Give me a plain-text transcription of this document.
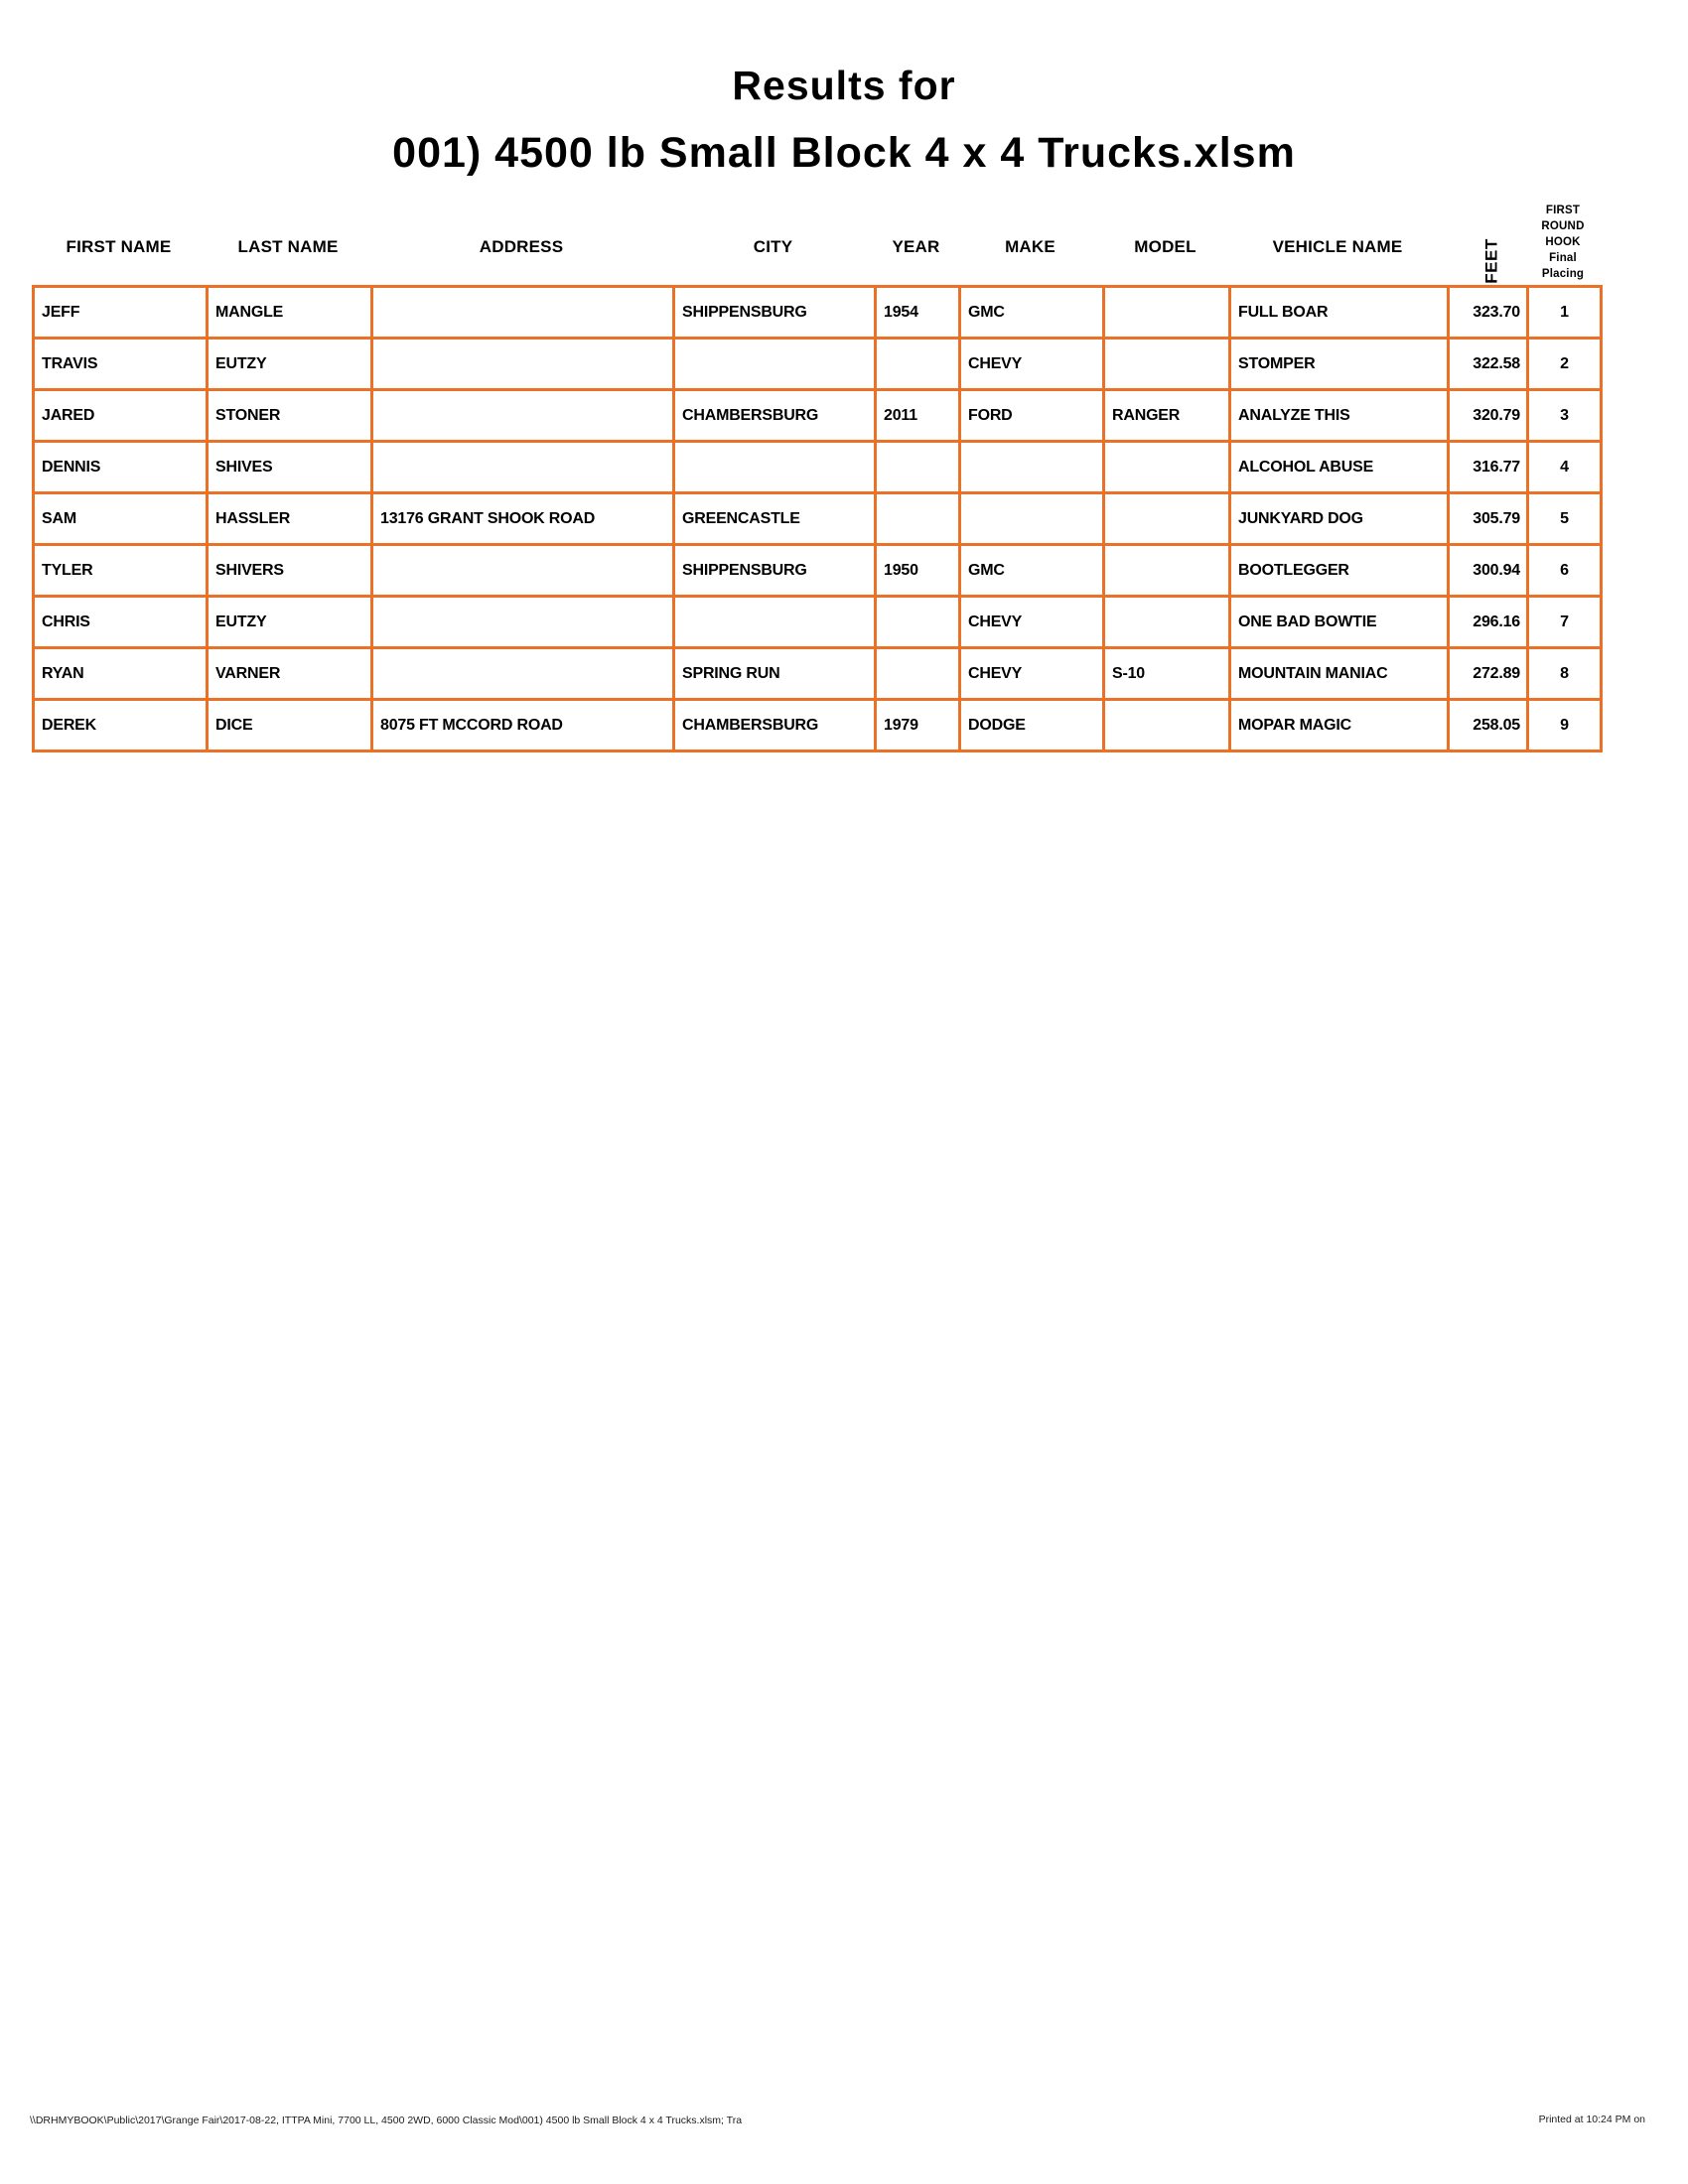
Results for
001) 4500 lb Small Block 4 x 4 Trucks.xlsm
FIRST NAME	LAST NAME	ADDRESS	CITY	YEAR	MAKE	MODEL	VEHICLE NAME	FEET
FIRST
ROUND
HOOK
Final
Placing
JEFF	MANGLE		SHIPPENSBURG	1954	GMC		FULL BOAR	323.70	1
TRAVIS	EUTZY				CHEVY		STOMPER	322.58	2
JARED	STONER		CHAMBERSBURG	2011	FORD	RANGER	ANALYZE THIS	320.79	3
DENNIS	SHIVES						ALCOHOL ABUSE	316.77	4
SAM	HASSLER	13176 GRANT SHOOK ROAD	GREENCASTLE				JUNKYARD DOG	305.79	5
TYLER	SHIVERS		SHIPPENSBURG	1950	GMC		BOOTLEGGER	300.94	6
CHRIS	EUTZY				CHEVY		ONE BAD BOWTIE	296.16	7
RYAN	VARNER		SPRING RUN		CHEVY	S-10	MOUNTAIN MANIAC	272.89	8
DEREK	DICE	8075 FT MCCORD ROAD	CHAMBERSBURG	1979	DODGE		MOPAR MAGIC	258.05	9
\\DRHMYBOOK\Public\2017\Grange Fair\2017-08-22, ITTPA Mini, 7700 LL, 4500 2WD, 6000 Classic Mod\001) 4500 lb Small Block 4 x 4 Trucks.xlsm; Tra	Printed at 10:24 PM on
